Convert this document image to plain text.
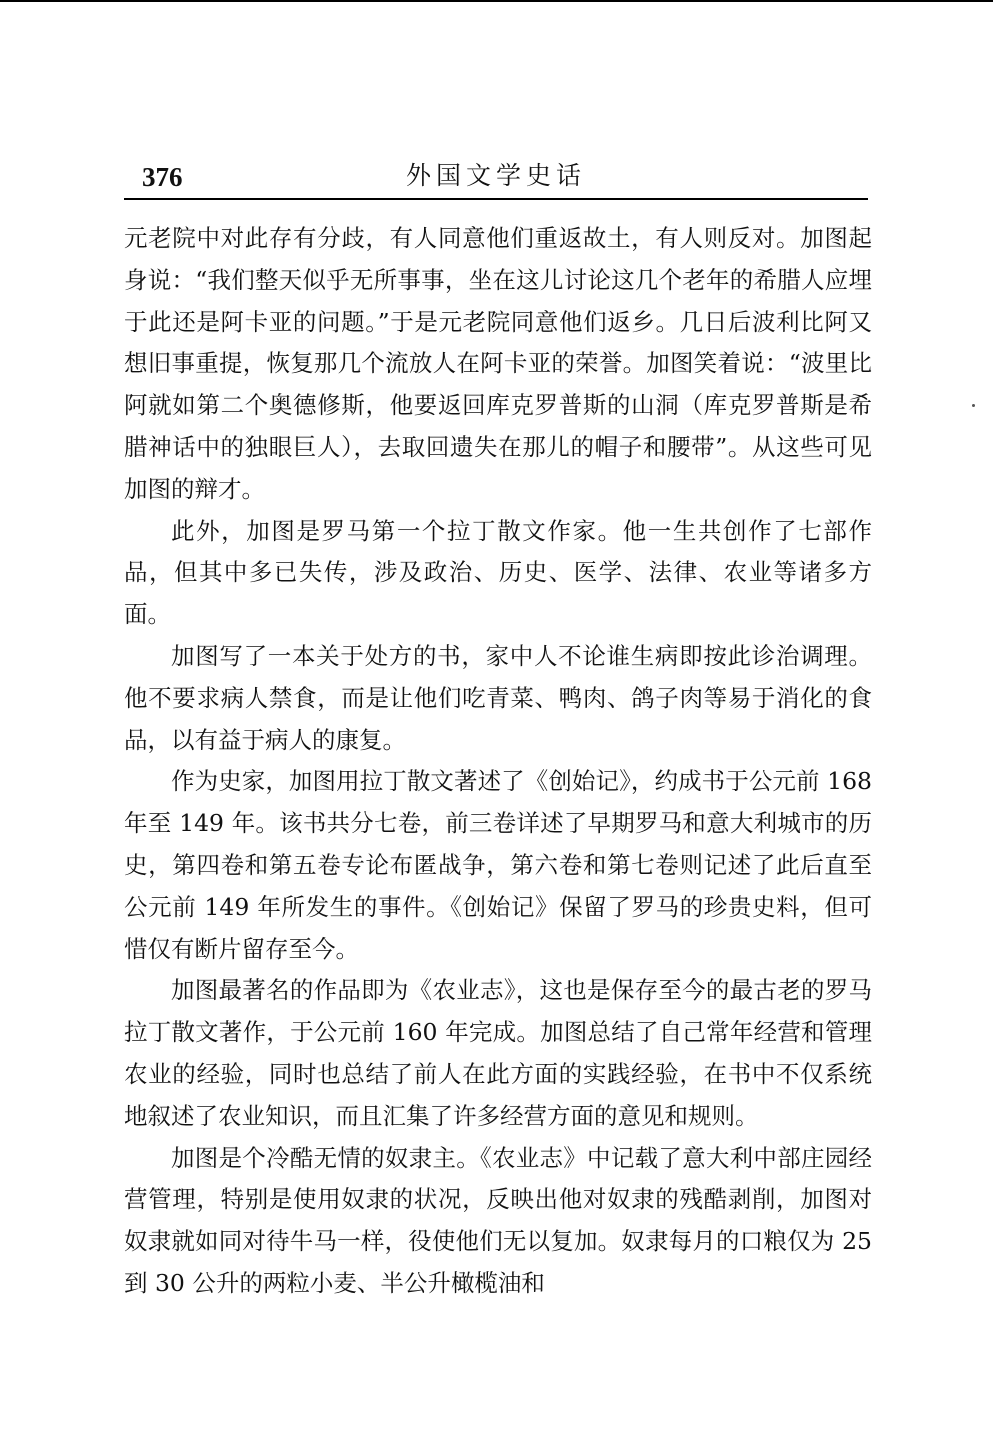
376	外国文学史话

元老院中对此存有分歧，有人同意他们重返故土，有人则反对。加图起身说：“我们整天似乎无所事事，坐在这儿讨论这几个老年的希腊人应埋于此还是阿卡亚的问题。”于是元老院同意他们返乡。几日后波利比阿又想旧事重提，恢复那几个流放人在阿卡亚的荣誉。加图笑着说：“波里比阿就如第二个奥德修斯，他要返回库克罗普斯的山洞（库克罗普斯是希腊神话中的独眼巨人），去取回遗失在那儿的帽子和腰带”。从这些可见加图的辩才。

此外，加图是罗马第一个拉丁散文作家。他一生共创作了七部作品，但其中多已失传，涉及政治、历史、医学、法律、农业等诸多方面。

加图写了一本关于处方的书，家中人不论谁生病即按此诊治调理。他不要求病人禁食，而是让他们吃青菜、鸭肉、鸽子肉等易于消化的食品，以有益于病人的康复。

作为史家，加图用拉丁散文著述了《创始记》，约成书于公元前 168 年至 149 年。该书共分七卷，前三卷详述了早期罗马和意大利城市的历史，第四卷和第五卷专论布匿战争，第六卷和第七卷则记述了此后直至公元前 149 年所发生的事件。《创始记》保留了罗马的珍贵史料，但可惜仅有断片留存至今。

加图最著名的作品即为《农业志》，这也是保存至今的最古老的罗马拉丁散文著作，于公元前 160 年完成。加图总结了自己常年经营和管理农业的经验，同时也总结了前人在此方面的实践经验，在书中不仅系统地叙述了农业知识，而且汇集了许多经营方面的意见和规则。

加图是个冷酷无情的奴隶主。《农业志》中记载了意大利中部庄园经营管理，特别是使用奴隶的状况，反映出他对奴隶的残酷剥削，加图对奴隶就如同对待牛马一样，役使他们无以复加。奴隶每月的口粮仅为 25 到 30 公升的两粒小麦、半公升橄榄油和
